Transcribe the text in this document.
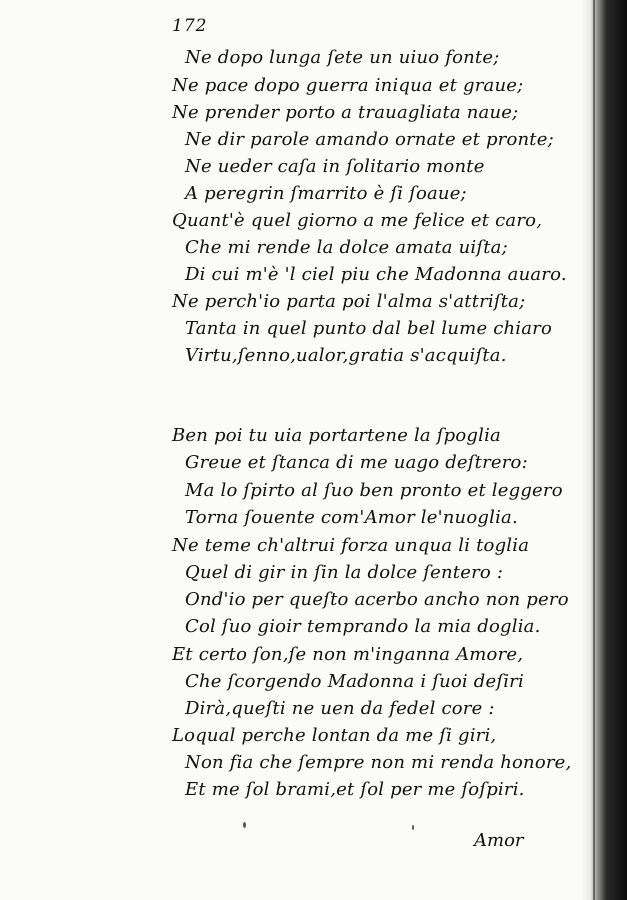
172
Ne dopo lunga ſete un uiuo fonte;
Ne pace dopo guerra iniqua et graue;
Ne prender porto a trauagliata naue;
Ne dir parole amando ornate et pronte;
Ne ueder caſa in ſolitario monte
A peregrin ſmarrito è ſi ſoaue;
Quant'è quel giorno a me felice et caro,
Che mi rende la dolce amata uiſta;
Di cui m'è 'l ciel piu che Madonna auaro.
Ne perch'io parta poi l'alma s'attriſta;
Tanta in quel punto dal bel lume chiaro
Virtu,ſenno,ualor,gratia s'acquiſta.
Ben poi tu uia portartene la ſpoglia
Greue et ſtanca di me uago deſtrero:
Ma lo ſpirto al ſuo ben pronto et leggero
Torna ſouente com'Amor le'nuoglia.
Ne teme ch'altrui forza unqua li toglia
Quel di gir in ſin la dolce ſentero :
Ond'io per queſto acerbo ancho non pero
Col ſuo gioir temprando la mia doglia.
Et certo ſon,ſe non m'inganna Amore,
Che ſcorgendo Madonna i ſuoi deſiri
Dirà,queſti ne uen da fedel core :
Loqual perche lontan da me ſi giri,
Non fia che ſempre non mi renda honore,
Et me ſol brami,et ſol per me ſoſpiri.
Amor
